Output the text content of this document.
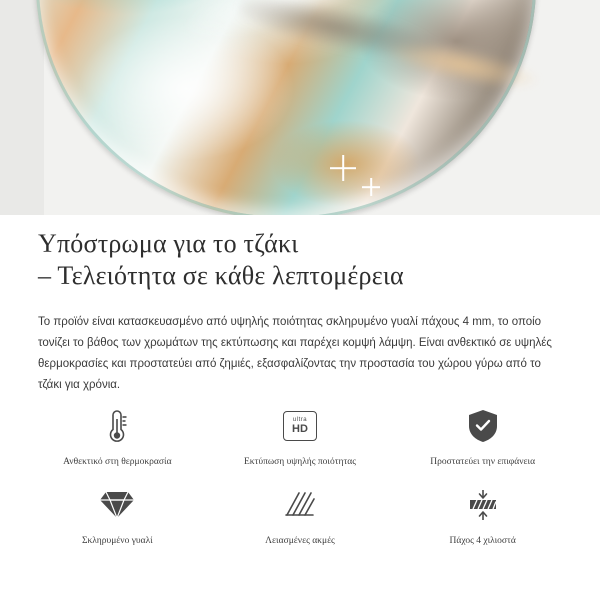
Υπόστρωμα για το τζάκι
– Τελειότητα σε κάθε λεπτομέρεια

Το προϊόν είναι κατασκευασμένο από υψηλής ποιότητας σκληρυμένο γυαλί πάχους 4 mm, το οποίο τονίζει το βάθος των χρωμάτων της εκτύπωσης και παρέχει κομψή λάμψη. Είναι ανθεκτικό σε υψηλές θερμοκρασίες και προστατεύει από ζημιές, εξασφαλίζοντας την προστασία του χώρου γύρω από το τζάκι για χρόνια.

Ανθεκτικό στη θερμοκρασία
ultra
HD
Εκτύπωση υψηλής ποιότητας	Προστατεύει την επιφάνεια
Σκληρυμένο γυαλί	Λειασμένες ακμές	Πάχος 4 χιλιοστά
